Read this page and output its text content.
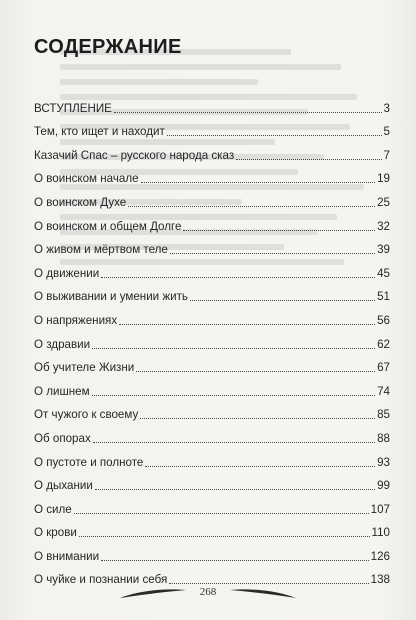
СОДЕРЖАНИЕ
ВСТУПЛЕНИЕ	3
Тем, кто ищет и находит	5
Казачий Спас – русского народа сказ	7
О воинском начале	19
О воинском Духе	25
О воинском и общем Долге	32
О живом и мёртвом теле	39
О движении	45
О выживании и умении жить	51
О напряжениях	56
О здравии	62
Об учителе Жизни	67
О лишнем	74
От чужого к своему	85
Об опорах	88
О пустоте и полноте	93
О дыхании	99
О силе	107
О крови	110
О внимании	126
О чуйке и познании себя	138
268
